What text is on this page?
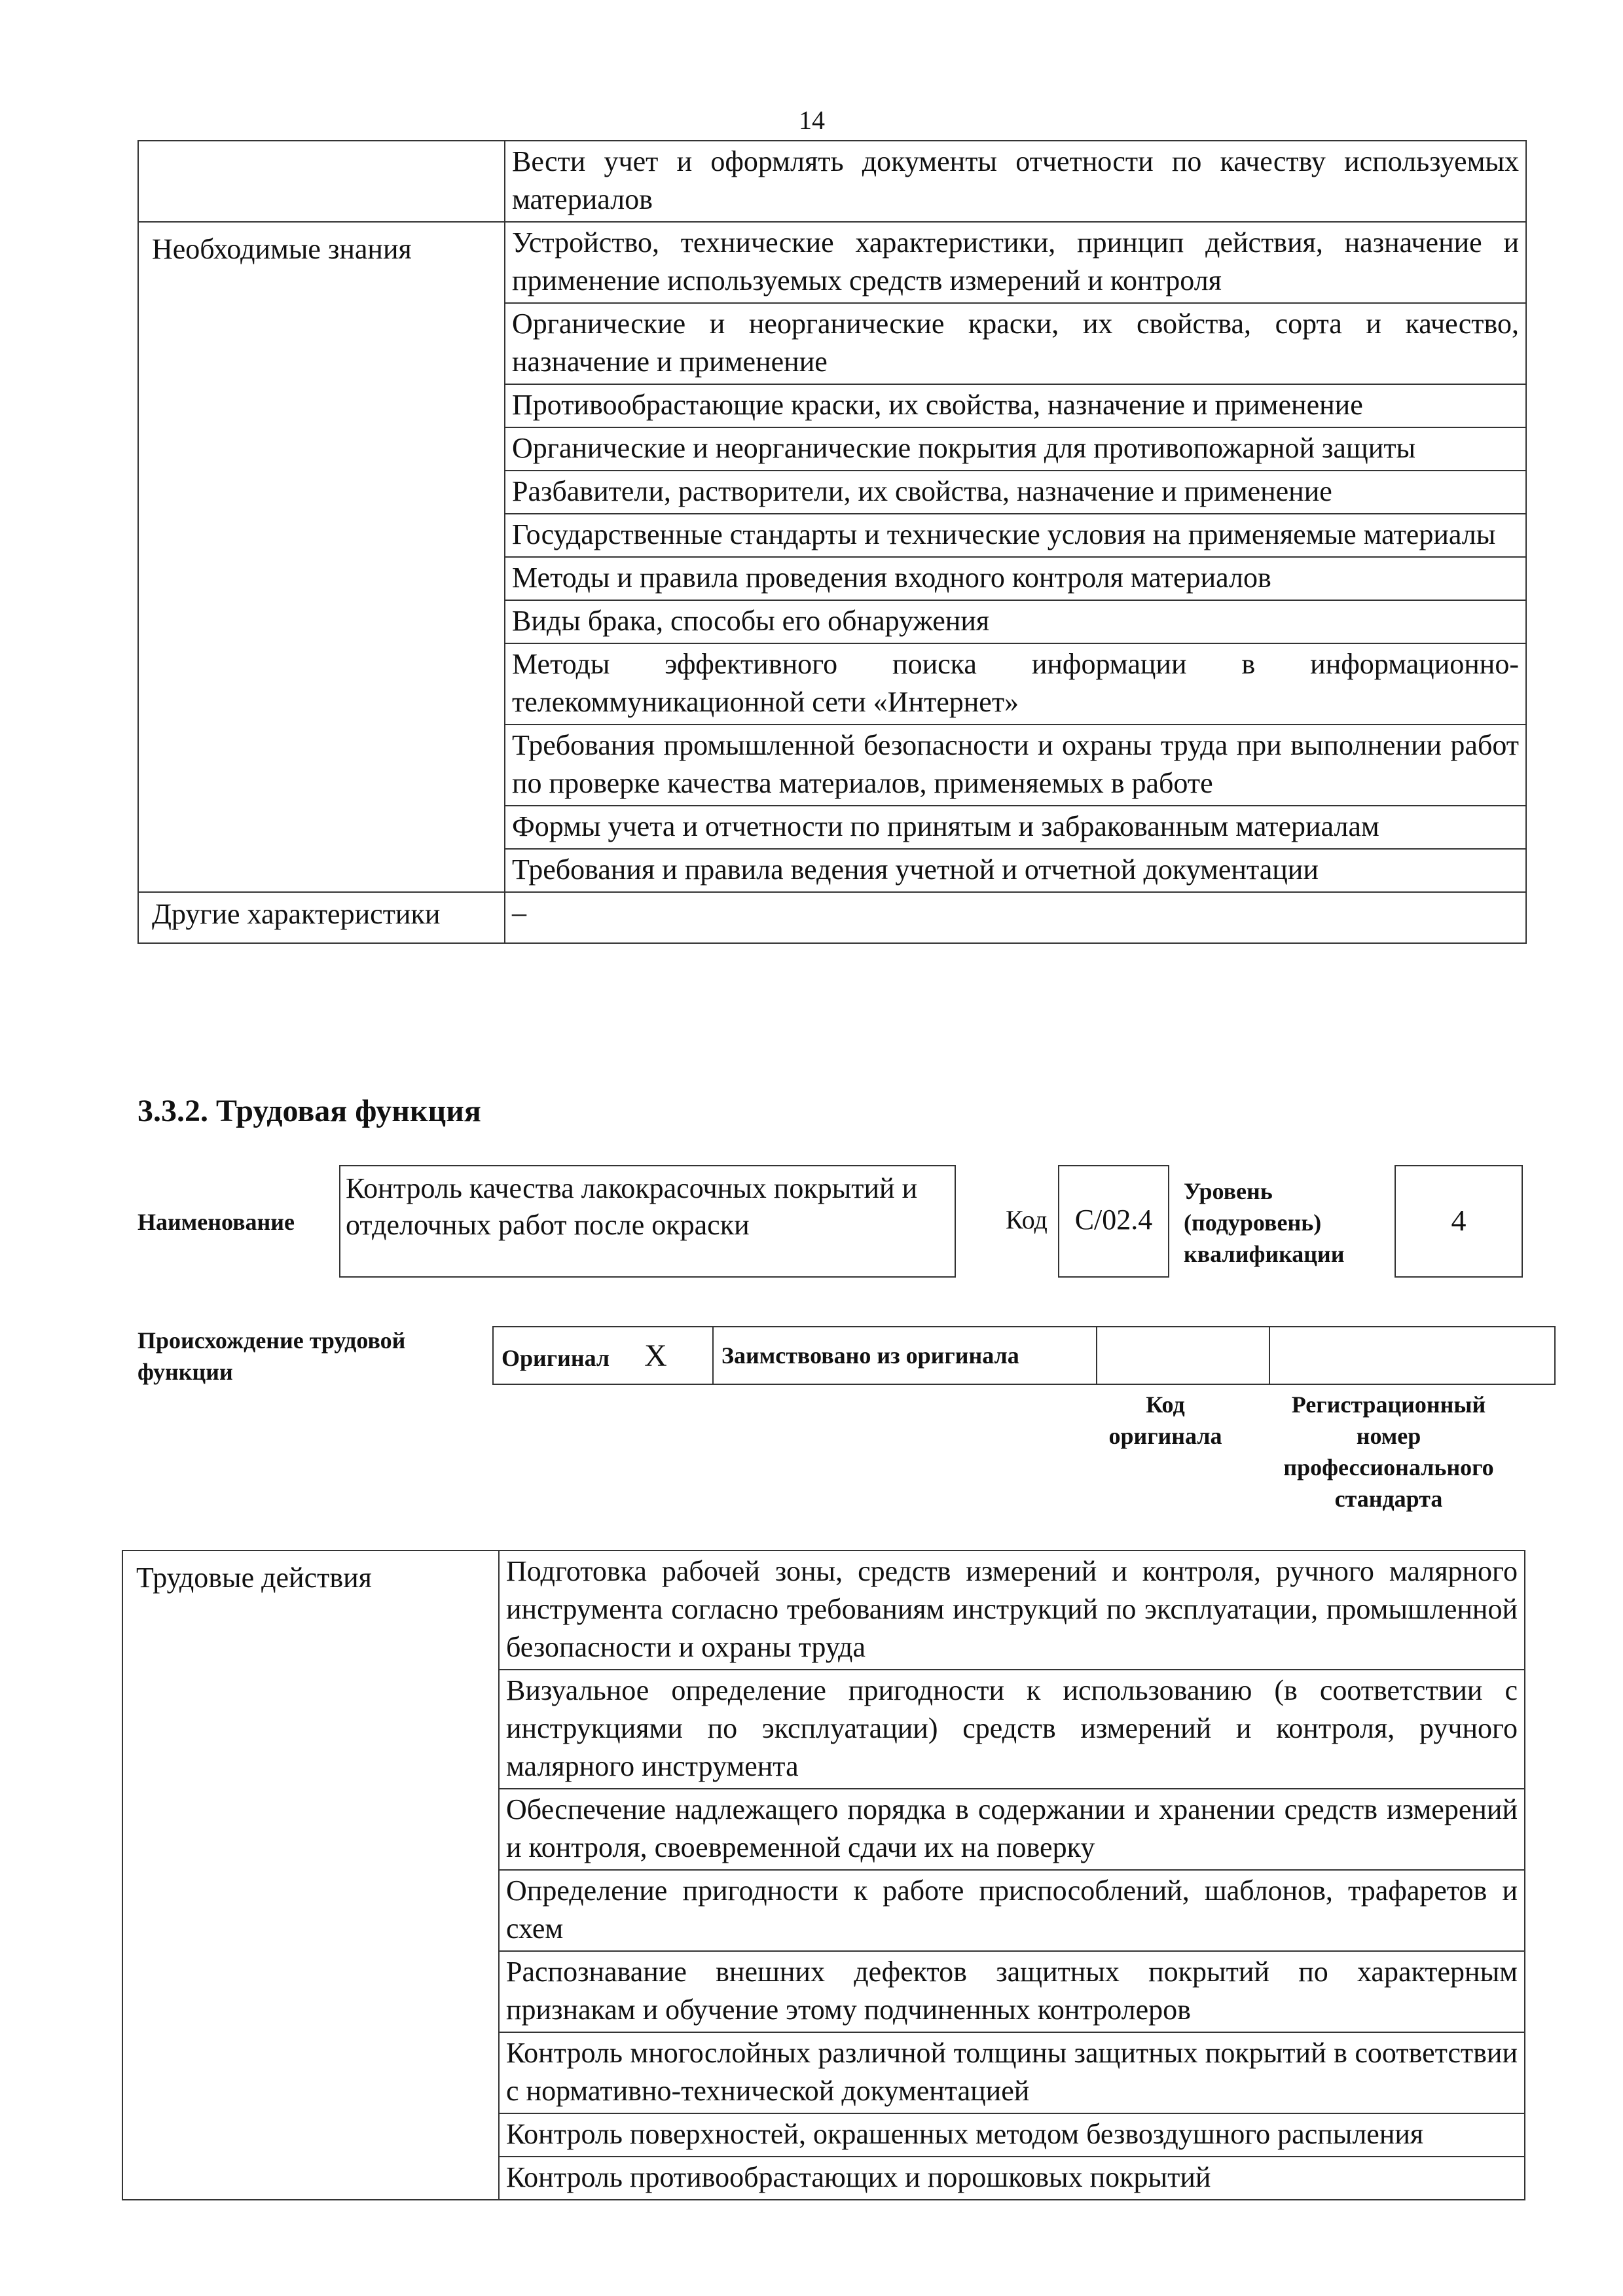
14
	Вести учет и оформлять документы отчетности по качеству используемых материалов
Необходимые знания	Устройство, технические характеристики, принцип действия, назначение и применение используемых средств измерений и контроля
	Органические и неорганические краски, их свойства, сорта и качество, назначение и применение
	Противообрастающие краски, их свойства, назначение и применение
	Органические и неорганические покрытия для противопожарной защиты
	Разбавители, растворители, их свойства, назначение и применение
	Государственные стандарты и технические условия на применяемые материалы
	Методы и правила проведения входного контроля материалов
	Виды брака, способы его обнаружения
	Методы эффективного поиска информации в информационно-телекоммуникационной сети «Интернет»
	Требования промышленной безопасности и охраны труда при выполнении работ по проверке качества материалов, применяемых в работе
	Формы учета и отчетности по принятым и забракованным материалам
	Требования и правила ведения учетной и отчетной документации
Другие характеристики	–
3.3.2. Трудовая функция
Наименование
Контроль качества лакокрасочных покрытий и отделочных работ после окраски	Код C/02.4
Уровень
(подуровень)
квалификации
4
Происхождение трудовой
функции
Оригинал X	Заимствовано из оригинала		
Код
оригинала
Регистрационный
номер
профессионального
стандарта
Трудовые действия	Подготовка рабочей зоны, средств измерений и контроля, ручного малярного инструмента согласно требованиям инструкций по эксплуатации, промышленной безопасности и охраны труда
Визуальное определение пригодности к использованию (в соответствии с инструкциями по эксплуатации) средств измерений и контроля, ручного малярного инструмента
Обеспечение надлежащего порядка в содержании и хранении средств измерений и контроля, своевременной сдачи их на поверку
Определение пригодности к работе приспособлений, шаблонов, трафаретов и схем
Распознавание внешних дефектов защитных покрытий по характерным признакам и обучение этому подчиненных контролеров
Контроль многослойных различной толщины защитных покрытий в соответствии с нормативно-технической документацией
Контроль поверхностей, окрашенных методом безвоздушного распыления
Контроль противообрастающих и порошковых покрытий
